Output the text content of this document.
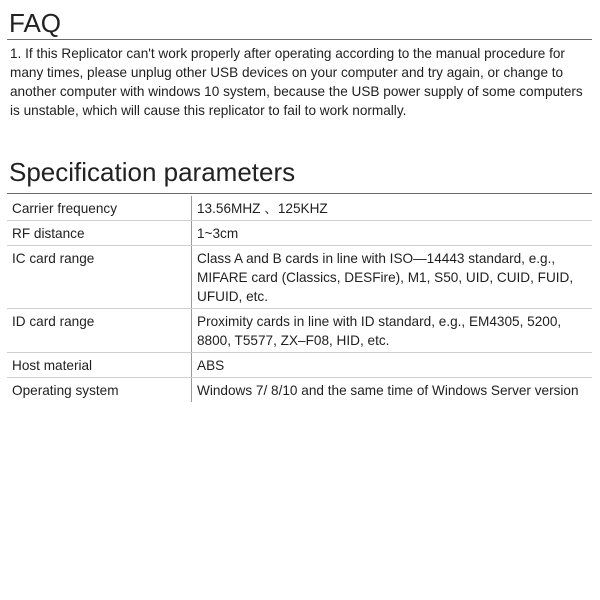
FAQ

1. If this Replicator can't work properly after operating according to the manual procedure for many times, please unplug other USB devices on your computer and try again, or change to another computer with windows 10 system, because the USB power supply of some computers is unstable, which will cause this replicator to fail to work normally.

Specification parameters
Carrier frequency	13.56MHZ 、125KHZ
RF distance	1~3cm
IC card range	Class A and B cards in line with ISO—14443 standard, e.g., MIFARE card (Classics, DESFire), M1, S50, UID, CUID, FUID, UFUID, etc.
ID card range	Proximity cards in line with ID standard, e.g., EM4305, 5200, 8800, T5577, ZX–F08, HID, etc.
Host material	ABS
Operating system	Windows 7/ 8/10 and the same time of Windows Server version
